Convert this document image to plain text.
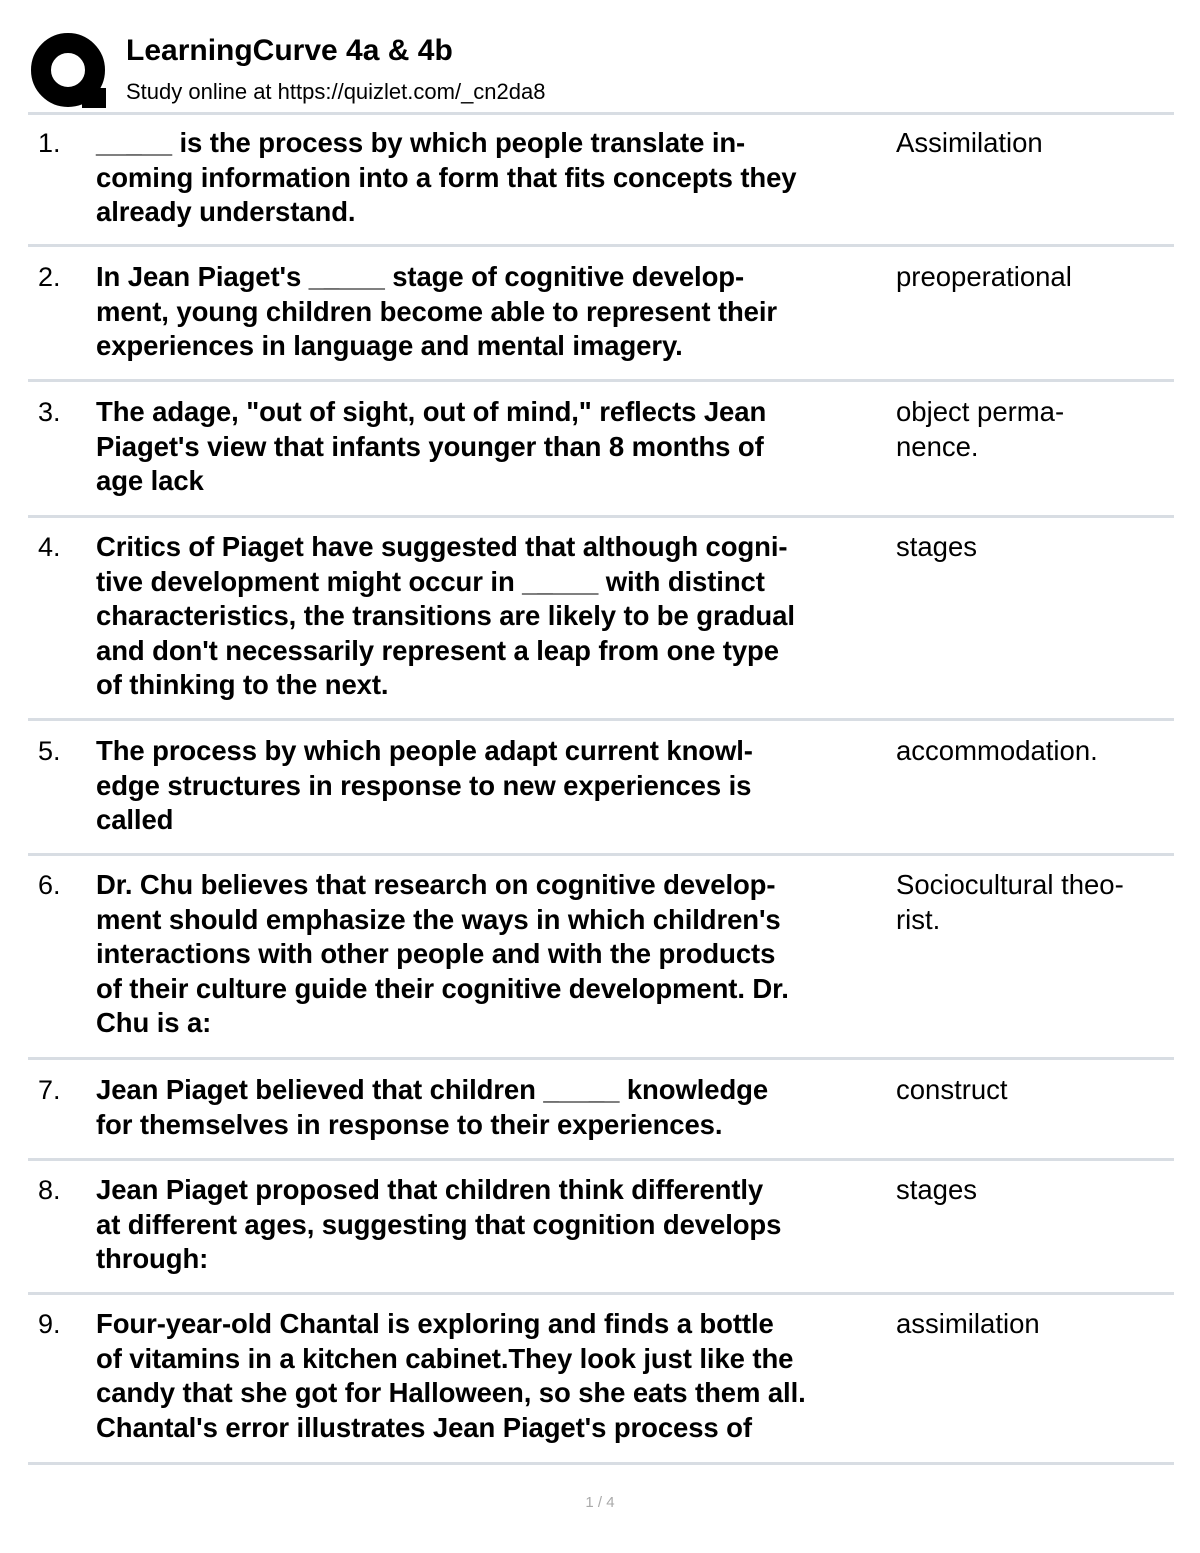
LearningCurve 4a & 4b
Study online at https://quizlet.com/_cn2da8
1. _____ is the process by which people translate in-
coming information into a form that fits concepts they
already understand.
Assimilation
2. In Jean Piaget's _____ stage of cognitive develop-
ment, young children become able to represent their
experiences in language and mental imagery.
preoperational
3. The adage, "out of sight, out of mind," reflects Jean
Piaget's view that infants younger than 8 months of
age lack
object perma-
nence.
4. Critics of Piaget have suggested that although cogni-
tive development might occur in _____ with distinct
characteristics, the transitions are likely to be gradual
and don't necessarily represent a leap from one type
of thinking to the next.
stages
5. The process by which people adapt current knowl-
edge structures in response to new experiences is
called
accommodation.
6. Dr. Chu believes that research on cognitive develop-
ment should emphasize the ways in which children's
interactions with other people and with the products
of their culture guide their cognitive development. Dr.
Chu is a:
Sociocultural theo-
rist.
7. Jean Piaget believed that children _____ knowledge
for themselves in response to their experiences.
construct
8. Jean Piaget proposed that children think differently
at different ages, suggesting that cognition develops
through:
stages
9. Four-year-old Chantal is exploring and finds a bottle
of vitamins in a kitchen cabinet.They look just like the
candy that she got for Halloween, so she eats them all.
Chantal's error illustrates Jean Piaget's process of
assimilation
1 / 4
